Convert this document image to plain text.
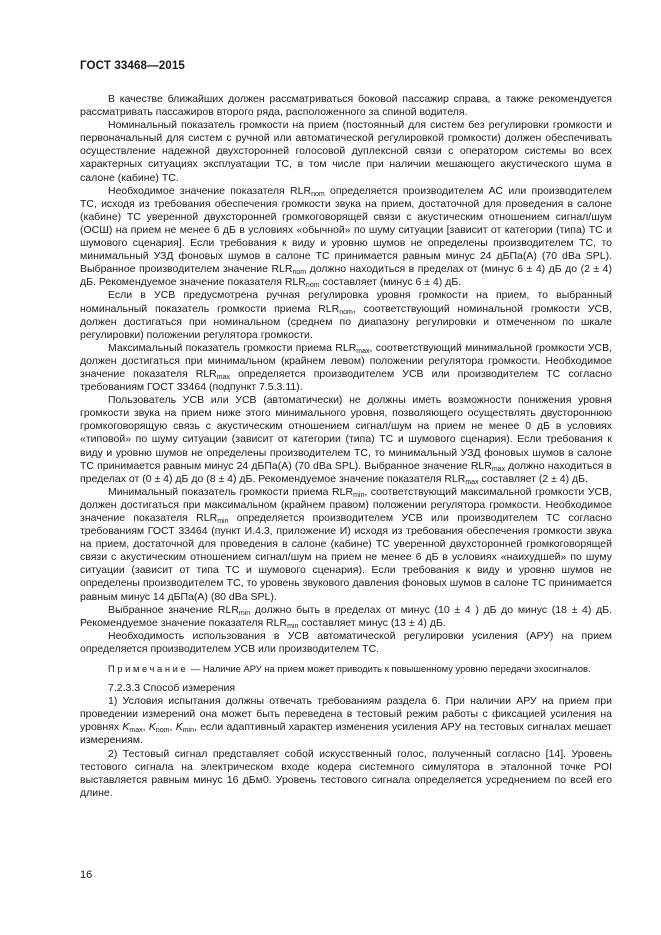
ГОСТ 33468—2015

В качестве ближайших должен рассматриваться боковой пассажир справа, а также рекомендуется рассматривать пассажиров второго ряда, расположенного за спиной водителя.

Номинальный показатель громкости на прием (постоянный для систем без регулировки громкости и первоначальный для систем с ручной или автоматической регулировкой громкости) должен обеспечивать осуществление надежной двухсторонней голосовой дуплексной связи с оператором системы во всех характерных ситуациях эксплуатации ТС, в том числе при наличии мешающего акустического шума в салоне (кабине) ТС.

Необходимое значение показателя $RLR_{nom}$ определяется производителем АС или производителем ТС, исходя из требования обеспечения громкости звука на прием, достаточной для проведения в салоне (кабине) ТС уверенной двухсторонней громкоговорящей связи с акустическим отношением сигнал/шум (ОСШ) на прием не менее 6 дБ в условиях «обычной» по шуму ситуации [зависит от категории (типа) ТС и шумового сценария]. Если требования к виду и уровню шумов не определены производителем ТС, то минимальный УЗД фоновых шумов в салоне ТС принимается равным минус 24 дБПа(А) (70 dBa SPL). Выбранное производителем значение $RLR_{nom}$ должно находиться в пределах от (минус 6 ± 4) дБ до (2 ± 4) дБ. Рекомендуемое значение показателя $RLR_{nom}$ составляет (минус 6 ± 4) дБ.

Если в УСВ предусмотрена ручная регулировка уровня громкости на прием, то выбранный номинальный показатель громкости приема $RLR_{nom}$, соответствующий номинальной громкости УСВ, должен достигаться при номинальном (среднем по диапазону регулировки и отмеченном по шкале регулировки) положении регулятора громкости.

Максимальный показатель громкости приема $RLR_{max}$, соответствующий минимальной громкости УСВ, должен достигаться при минимальном (крайнем левом) положении регулятора громкости. Необходимое значение показателя $RLR_{max}$ определяется производителем УСВ или производителем ТС согласно требованиям ГОСТ 33464 (подпункт 7.5.3.11).

Пользователь УСВ или УСВ (автоматически) не должны иметь возможности понижения уровня громкости звука на прием ниже этого минимального уровня, позволяющего осуществлять двустороннюю громкоговорящую связь с акустическим отношением сигнал/шум на прием не менее 0 дБ в условиях «типовой» по шуму ситуации (зависит от категории (типа) ТС и шумового сценария). Если требования к виду и уровню шумов не определены производителем ТС, то минимальный УЗД фоновых шумов в салоне ТС принимается равным минус 24 дБПа(А) (70 dBa SPL). Выбранное значение $RLR_{max}$ должно находиться в пределах от (0 ± 4) дБ до (8 ± 4) дБ. Рекомендуемое значение показателя $RLR_{max}$ составляет (2 ± 4) дБ.

Минимальный показатель громкости приема $RLR_{min}$, соответствующий максимальной громкости УСВ, должен достигаться при максимальном (крайнем правом) положении регулятора громкости. Необходимое значение показателя $RLR_{min}$ определяется производителем УСВ или производителем ТС согласно требованиям ГОСТ 33464 (пункт И.4.3, приложение И) исходя из требования обеспечения громкости звука на прием, достаточной для проведения в салоне (кабине) ТС уверенной двухсторонней громкоговорящей связи с акустическим отношением сигнал/шум на прием не менее 6 дБ в условиях «наихудшей» по шуму ситуации (зависит от типа ТС и шумового сценария). Если требования к виду и уровню шумов не определены производителем ТС, то уровень звукового давления фоновых шумов в салоне ТС принимается равным минус 14 дБПа(А) (80 dBa SPL).

Выбранное значение $RLR_{min}$ должно быть в пределах от минус (10 ± 4 ) дБ до минус (18 ± 4) дБ. Рекомендуемое значение показателя $RLR_{min}$ составляет минус (13 ± 4) дБ.

Необходимость использования в УСВ автоматической регулировки усиления (АРУ) на прием определяется производителем УСВ или производителем ТС.

Примечание — Наличие АРУ на прием может приводить к повышенному уровню передачи эхосигналов.

7.2.3.3 Способ измерения

1) Условия испытания должны отвечать требованиям раздела 6. При наличии АРУ на прием при проведении измерений она может быть переведена в тестовый режим работы с фиксацией усиления на уровнях $K_{max}$, $K_{nom}$, $K_{min}$, если адаптивный характер изменения усиления АРУ на тестовых сигналах мешает измерениям.

2) Тестовый сигнал представляет собой искусственный голос, полученный согласно [14]. Уровень тестового сигнала на электрическом входе кодера системного симулятора в эталонной точке POI выставляется равным минус 16 дБм0. Уровень тестового сигнала определяется усреднением по всей его длине.

16
